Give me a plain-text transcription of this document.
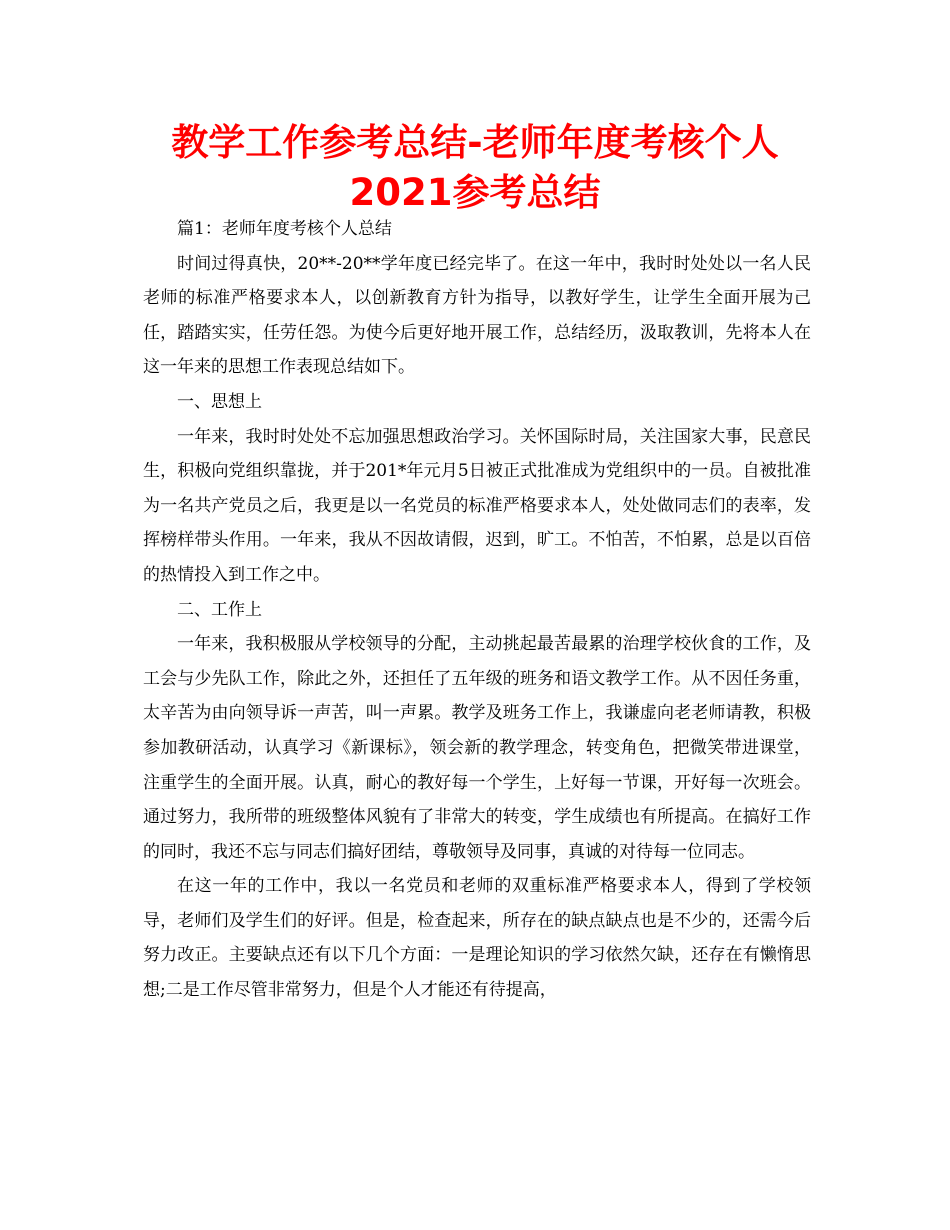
教学工作参考总结-老师年度考核个人2021参考总结

篇1：老师年度考核个人总结

时间过得真快，20**-20**学年度已经完毕了。在这一年中，我时时处处以一名人民老师的标准严格要求本人，以创新教育方针为指导，以教好学生，让学生全面开展为己任，踏踏实实，任劳任怨。为使今后更好地开展工作，总结经历，汲取教训，先将本人在这一年来的思想工作表现总结如下。

一、思想上

一年来，我时时处处不忘加强思想政治学习。关怀国际时局，关注国家大事，民意民生，积极向党组织靠拢，并于201*年元月5日被正式批准成为党组织中的一员。自被批准为一名共产党员之后，我更是以一名党员的标准严格要求本人，处处做同志们的表率，发挥榜样带头作用。一年来，我从不因故请假，迟到，旷工。不怕苦，不怕累，总是以百倍的热情投入到工作之中。

二、工作上

一年来，我积极服从学校领导的分配，主动挑起最苦最累的治理学校伙食的工作，及工会与少先队工作，除此之外，还担任了五年级的班务和语文教学工作。从不因任务重，太辛苦为由向领导诉一声苦，叫一声累。教学及班务工作上，我谦虚向老老师请教，积极参加教研活动，认真学习《新课标》，领会新的教学理念，转变角色，把微笑带进课堂，注重学生的全面开展。认真，耐心的教好每一个学生，上好每一节课，开好每一次班会。通过努力，我所带的班级整体风貌有了非常大的转变，学生成绩也有所提高。在搞好工作的同时，我还不忘与同志们搞好团结，尊敬领导及同事，真诚的对待每一位同志。

在这一年的工作中，我以一名党员和老师的双重标准严格要求本人，得到了学校领导，老师们及学生们的好评。但是，检查起来，所存在的缺点缺点也是不少的，还需今后努力改正。主要缺点还有以下几个方面：一是理论知识的学习依然欠缺，还存在有懒惰思想;二是工作尽管非常努力，但是个人才能还有待提高，
